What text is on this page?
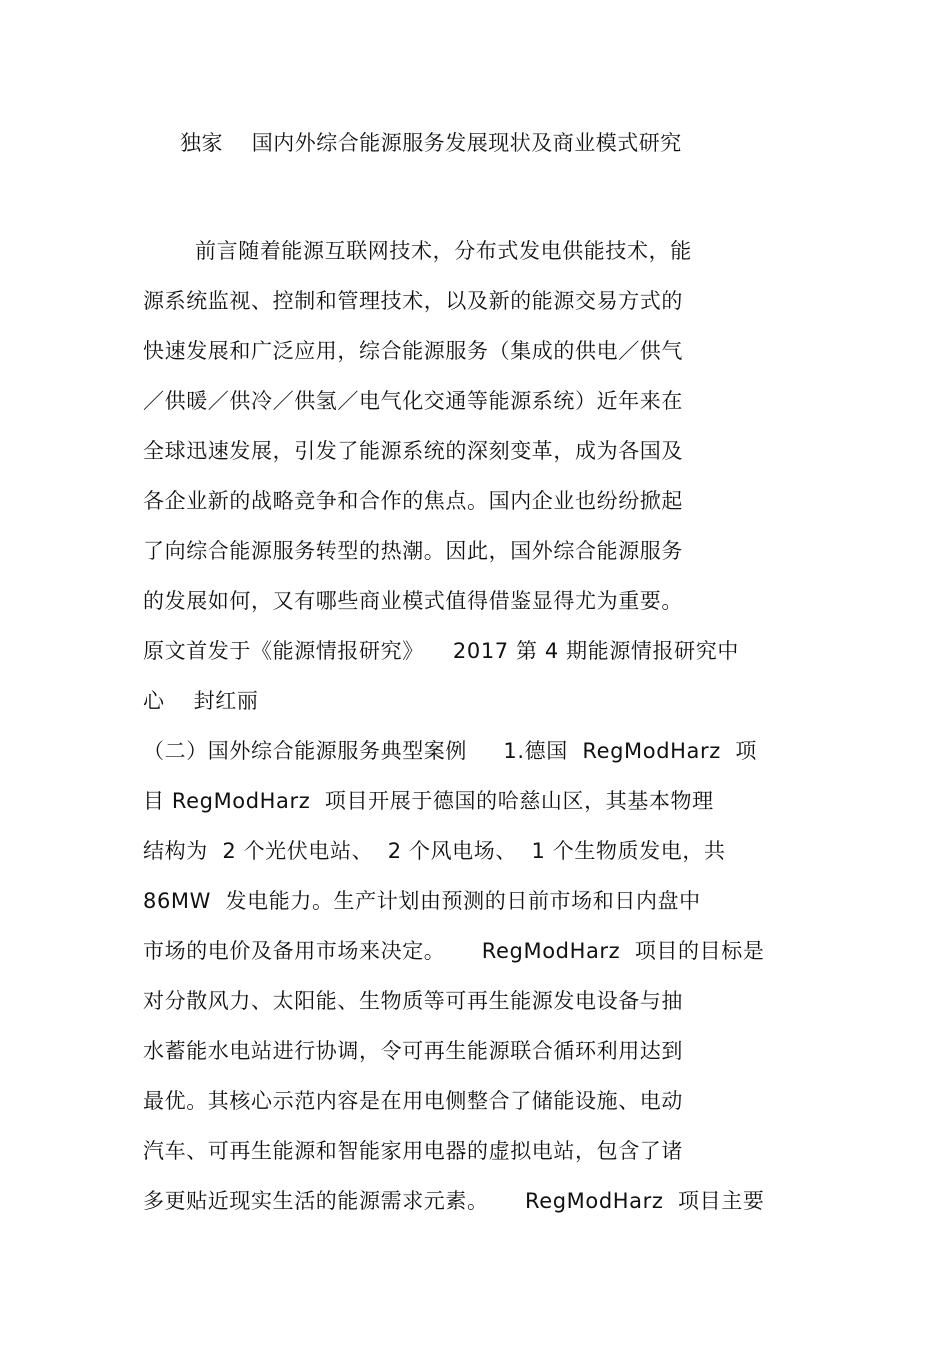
独家    国内外综合能源服务发展现状及商业模式研究
前言随着能源互联网技术，分布式发电供能技术，能
源系统监视、控制和管理技术，以及新的能源交易方式的
快速发展和广泛应用，综合能源服务（集成的供电／供气
／供暖／供冷／供氢／电气化交通等能源系统）近年来在
全球迅速发展，引发了能源系统的深刻变革，成为各国及
各企业新的战略竞争和合作的焦点。国内企业也纷纷掀起
了向综合能源服务转型的热潮。因此，国外综合能源服务
的发展如何，又有哪些商业模式值得借鉴显得尤为重要。
原文首发于《能源情报研究》    2017 第 4 期能源情报研究中
心    封红丽
（二）国外综合能源服务典型案例     1.德国  RegModHarz  项
目 RegModHarz  项目开展于德国的哈慈山区，其基本物理
结构为  2 个光伏电站、  2 个风电场、  1 个生物质发电，共
86MW  发电能力。生产计划由预测的日前市场和日内盘中
市场的电价及备用市场来决定。     RegModHarz  项目的目标是
对分散风力、太阳能、生物质等可再生能源发电设备与抽
水蓄能水电站进行协调，令可再生能源联合循环利用达到
最优。其核心示范内容是在用电侧整合了储能设施、电动
汽车、可再生能源和智能家用电器的虚拟电站，包含了诸
多更贴近现实生活的能源需求元素。     RegModHarz  项目主要
